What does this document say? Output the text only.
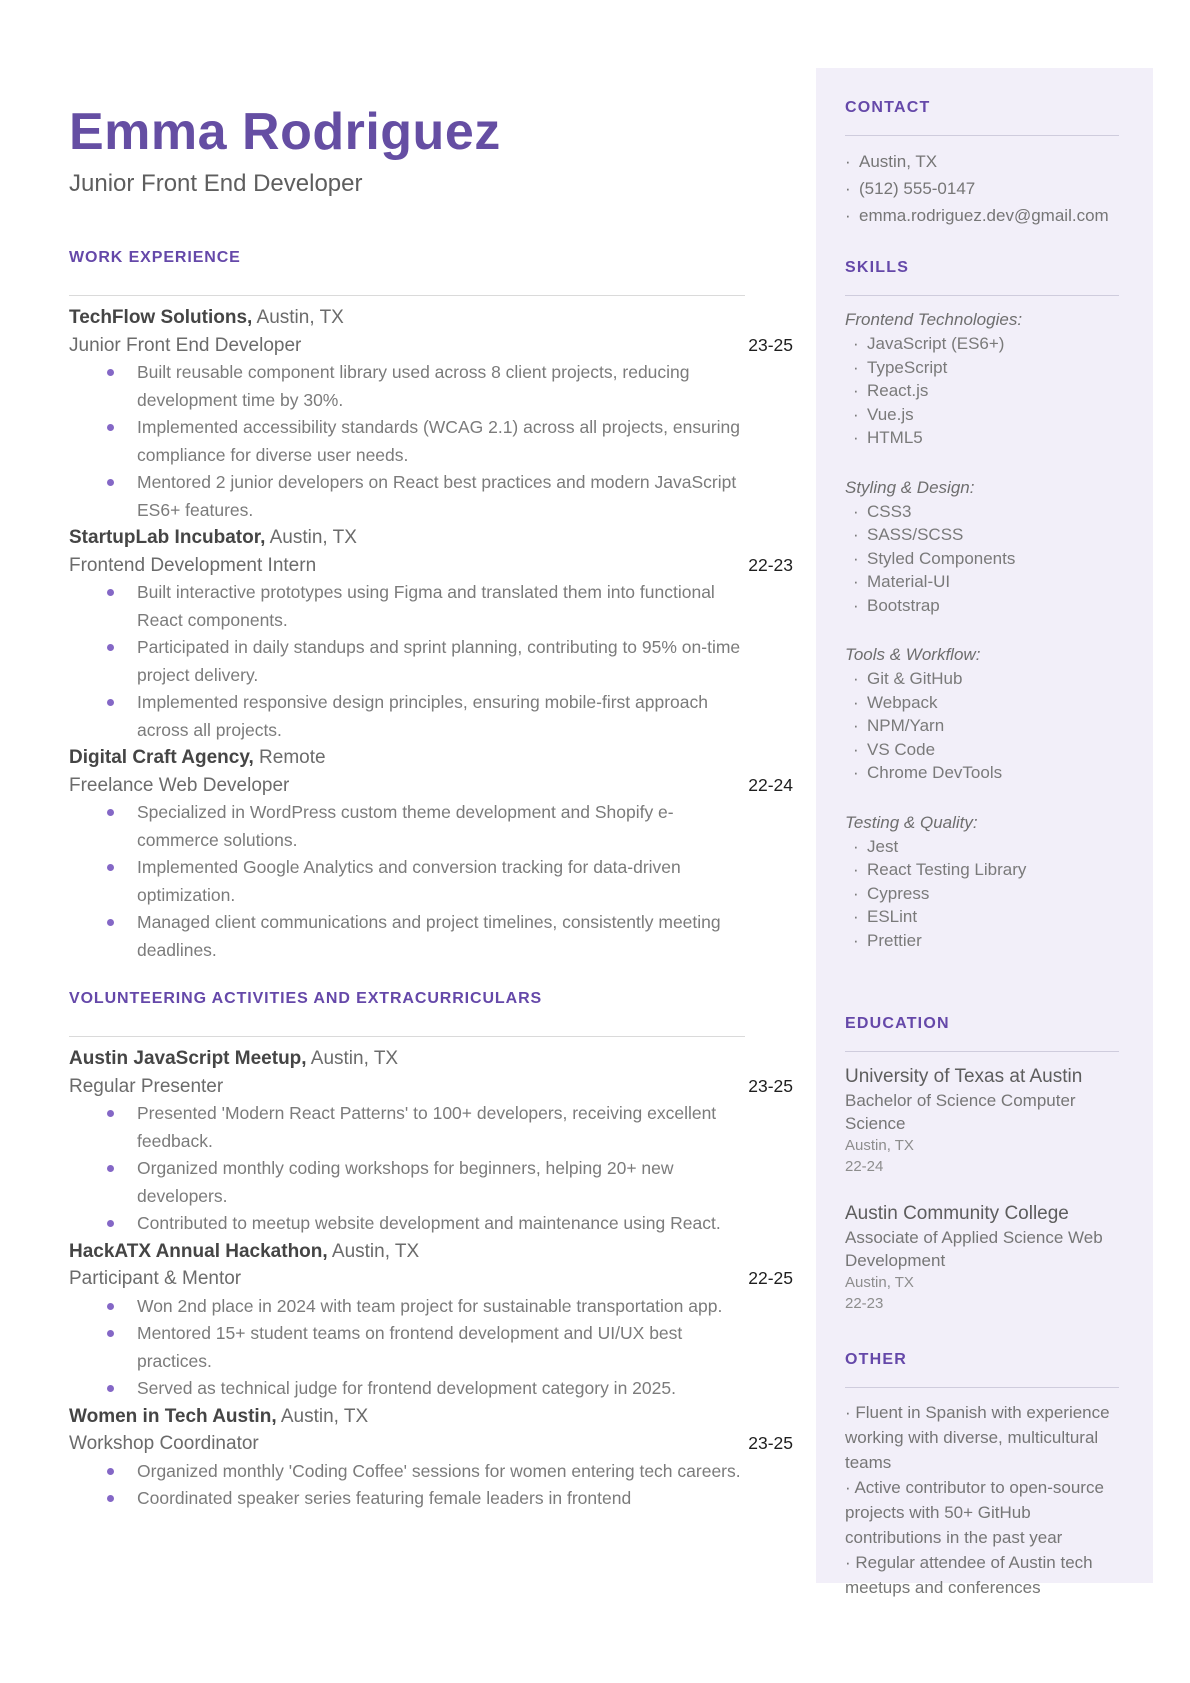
Emma Rodriguez
Junior Front End Developer
WORK EXPERIENCE
TechFlow Solutions, Austin, TX
Junior Front End Developer	23-25
Built reusable component library used across 8 client projects, reducing development time by 30%.
Implemented accessibility standards (WCAG 2.1) across all projects, ensuring compliance for diverse user needs.
Mentored 2 junior developers on React best practices and modern JavaScript ES6+ features.
StartupLab Incubator, Austin, TX
Frontend Development Intern	22-23
Built interactive prototypes using Figma and translated them into functional React components.
Participated in daily standups and sprint planning, contributing to 95% on-time project delivery.
Implemented responsive design principles, ensuring mobile-first approach across all projects.
Digital Craft Agency, Remote
Freelance Web Developer	22-24
Specialized in WordPress custom theme development and Shopify e-commerce solutions.
Implemented Google Analytics and conversion tracking for data-driven optimization.
Managed client communications and project timelines, consistently meeting deadlines.
VOLUNTEERING ACTIVITIES AND EXTRACURRICULARS
Austin JavaScript Meetup, Austin, TX
Regular Presenter	23-25
Presented 'Modern React Patterns' to 100+ developers, receiving excellent feedback.
Organized monthly coding workshops for beginners, helping 20+ new developers.
Contributed to meetup website development and maintenance using React.
HackATX Annual Hackathon, Austin, TX
Participant & Mentor	22-25
Won 2nd place in 2024 with team project for sustainable transportation app.
Mentored 15+ student teams on frontend development and UI/UX best practices.
Served as technical judge for frontend development category in 2025.
Women in Tech Austin, Austin, TX
Workshop Coordinator	23-25
Organized monthly 'Coding Coffee' sessions for women entering tech careers.
Coordinated speaker series featuring female leaders in frontend
CONTACT
· Austin, TX
· (512) 555-0147
· emma.rodriguez.dev@gmail.com
SKILLS
Frontend Technologies:
· JavaScript (ES6+)
· TypeScript
· React.js
· Vue.js
· HTML5
Styling & Design:
· CSS3
· SASS/SCSS
· Styled Components
· Material-UI
· Bootstrap
Tools & Workflow:
· Git & GitHub
· Webpack
· NPM/Yarn
· VS Code
· Chrome DevTools
Testing & Quality:
· Jest
· React Testing Library
· Cypress
· ESLint
· Prettier
EDUCATION
University of Texas at Austin
Bachelor of Science Computer Science
Austin, TX
22-24
Austin Community College
Associate of Applied Science Web Development
Austin, TX
22-23
OTHER
· Fluent in Spanish with experience working with diverse, multicultural teams
· Active contributor to open-source projects with 50+ GitHub contributions in the past year
· Regular attendee of Austin tech meetups and conferences
